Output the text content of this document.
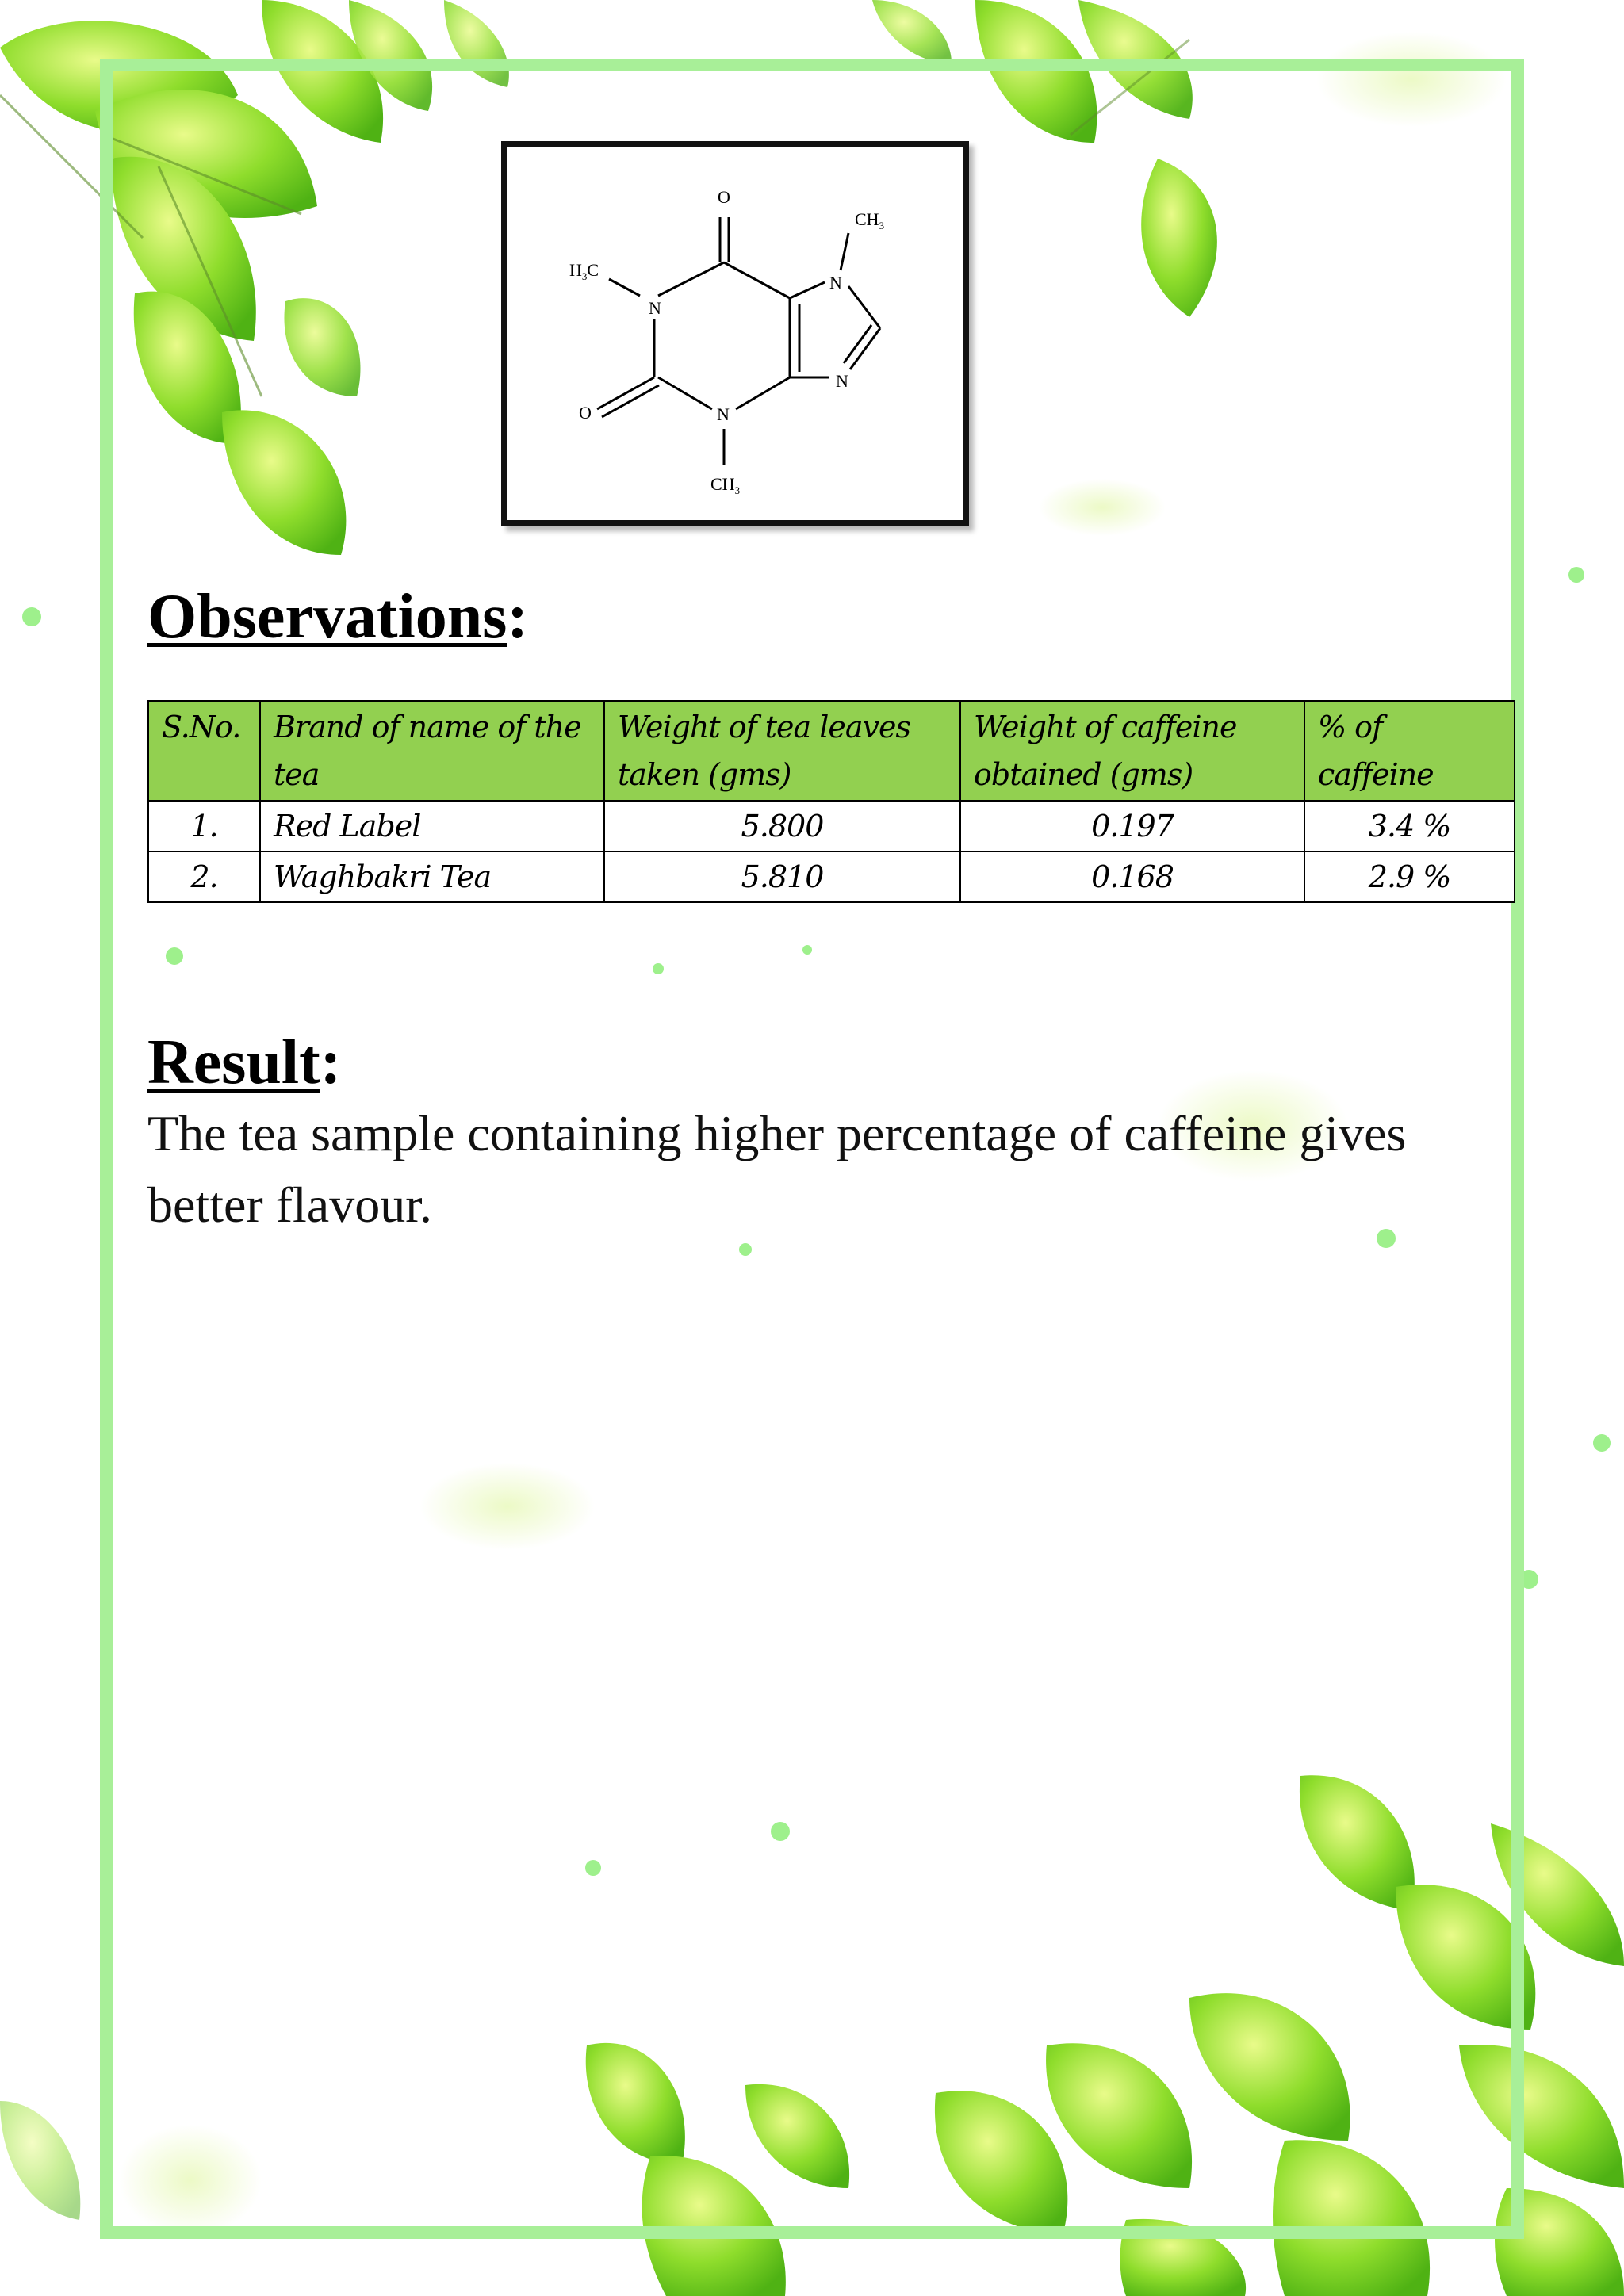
O
$CH_3$
$H_3C$
N
N
N
N
O
$CH_3$
Observations:
S.No.	Brand of name of the tea	Weight of tea leaves taken (gms)	Weight of caffeine obtained (gms)	% of caffeine
1.	Red Label	5.800	0.197	3.4 %
2.	Waghbakri Tea	5.810	0.168	2.9 %
Result:

The tea sample containing higher percentage of caffeine gives better flavour.
